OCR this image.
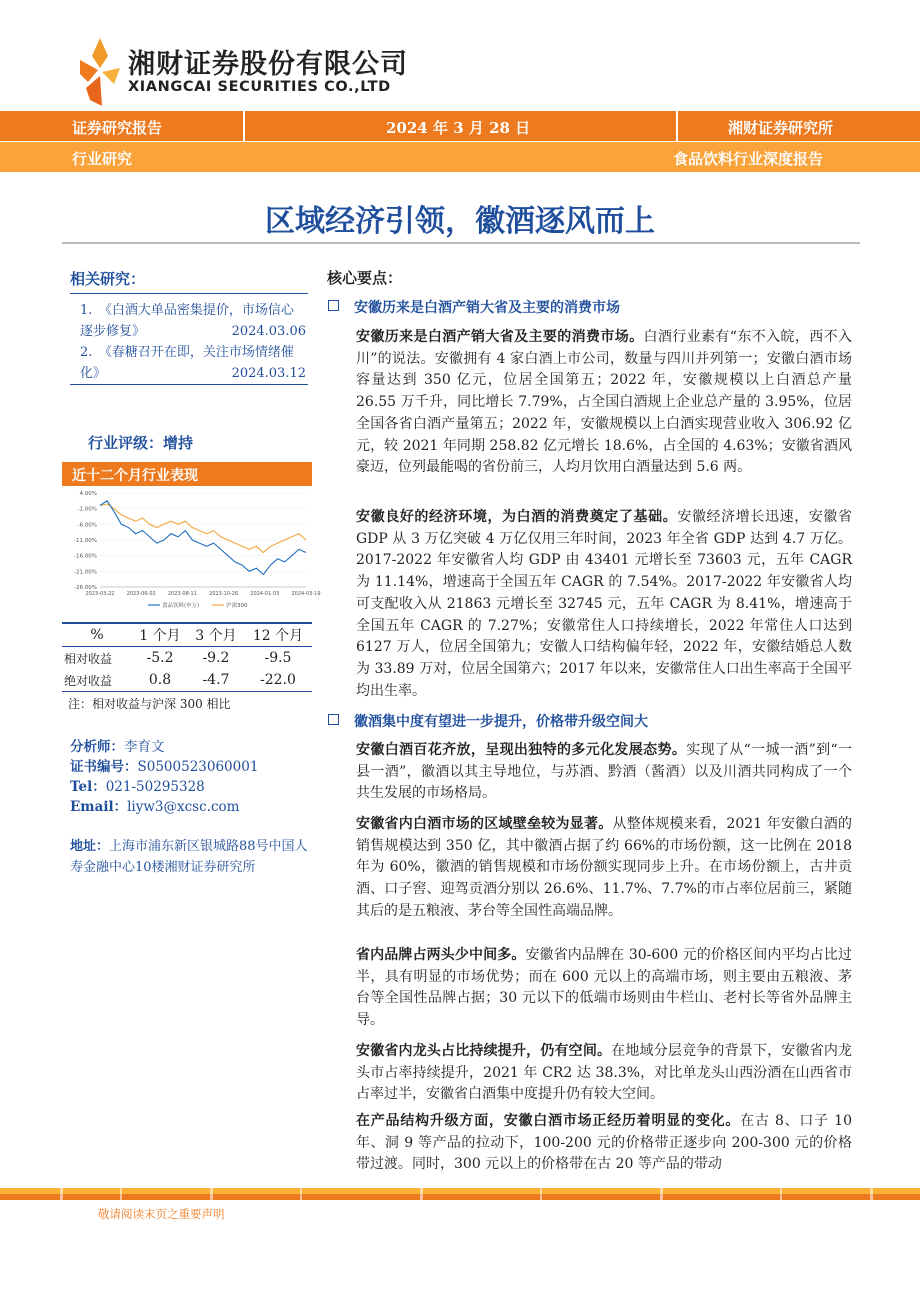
湘财证券股份有限公司
XIANGCAI SECURITIES CO.,LTD
证券研究报告	2024 年 3 月 28 日	湘财证券研究所
行业研究	食品饮料行业深度报告
区域经济引领，徽酒逐风而上
相关研究：
1.　《白酒大单品密集提价，市场信心逐步修复》	2024.03.06
2.　《春糖召开在即，关注市场情绪催化》	2024.03.12
行业评级：增持
近十二个月行业表现
4.00%
-1.00%
-6.00%
-11.00%
-16.00%
-21.00%
-26.00%
2023-03-22 2023-06-02 2023-08-11 2023-10-26 2024-01-03 2024-03-19
食品饮料(申万)	沪深300
%	1 个月	3 个月	12 个月
相对收益	-5.2	-9.2	-9.5
绝对收益	0.8	-4.7	-22.0
注：相对收益与沪深 300 相比
分析师：李育文
证书编号：S0500523060001
Tel：021-50295328
Email：liyw3@xcsc.com
地址：上海市浦东新区银城路88号中国人寿金融中心10楼湘财证券研究所
核心要点：
安徽历来是白酒产销大省及主要的消费市场
安徽历来是白酒产销大省及主要的消费市场。白酒行业素有“东不入皖，西不入川”的说法。安徽拥有 4 家白酒上市公司，数量与四川并列第一；安徽白酒市场容量达到 350 亿元，位居全国第五；2022 年，安徽规模以上白酒总产量 26.55 万千升，同比增长 7.79%，占全国白酒规上企业总产量的 3.95%，位居全国各省白酒产量第五；2022 年，安徽规模以上白酒实现营业收入 306.92 亿元，较 2021 年同期 258.82 亿元增长 18.6%，占全国的 4.63%；安徽省酒风豪迈，位列最能喝的省份前三，人均月饮用白酒量达到 5.6 两。
安徽良好的经济环境，为白酒的消费奠定了基础。安徽经济增长迅速，安徽省 GDP 从 3 万亿突破 4 万亿仅用三年时间，2023 年全省 GDP 达到 4.7 万亿。2017-2022 年安徽省人均 GDP 由 43401 元增长至 73603 元，五年 CAGR 为 11.14%，增速高于全国五年 CAGR 的 7.54%。2017-2022 年安徽省人均可支配收入从 21863 元增长至 32745 元，五年 CAGR 为 8.41%，增速高于全国五年 CAGR 的 7.27%；安徽常住人口持续增长，2022 年常住人口达到 6127 万人，位居全国第九；安徽人口结构偏年轻，2022 年，安徽结婚总人数为 33.89 万对，位居全国第六；2017 年以来，安徽常住人口出生率高于全国平均出生率。
徽酒集中度有望进一步提升，价格带升级空间大
安徽白酒百花齐放，呈现出独特的多元化发展态势。实现了从“一城一酒”到“一县一酒”，徽酒以其主导地位，与苏酒、黔酒（酱酒）以及川酒共同构成了一个共生发展的市场格局。
安徽省内白酒市场的区域壁垒较为显著。从整体规模来看，2021 年安徽白酒的销售规模达到 350 亿，其中徽酒占据了约 66%的市场份额，这一比例在 2018 年为 60%，徽酒的销售规模和市场份额实现同步上升。在市场份额上，古井贡酒、口子窖、迎驾贡酒分别以 26.6%、11.7%、7.7%的市占率位居前三，紧随其后的是五粮液、茅台等全国性高端品牌。
省内品牌占两头少中间多。安徽省内品牌在 30-600 元的价格区间内平均占比过半，具有明显的市场优势；而在 600 元以上的高端市场，则主要由五粮液、茅台等全国性品牌占据；30 元以下的低端市场则由牛栏山、老村长等省外品牌主导。
安徽省内龙头占比持续提升，仍有空间。在地域分层竞争的背景下，安徽省内龙头市占率持续提升，2021 年 CR2 达 38.3%，对比单龙头山西汾酒在山西省市占率过半，安徽省白酒集中度提升仍有较大空间。
在产品结构升级方面，安徽白酒市场正经历着明显的变化。在古 8、口子 10 年、洞 9 等产品的拉动下，100-200 元的价格带正逐步向 200-300 元的价格带过渡。同时，300 元以上的价格带在古 20 等产品的带动
敬请阅读末页之重要声明
